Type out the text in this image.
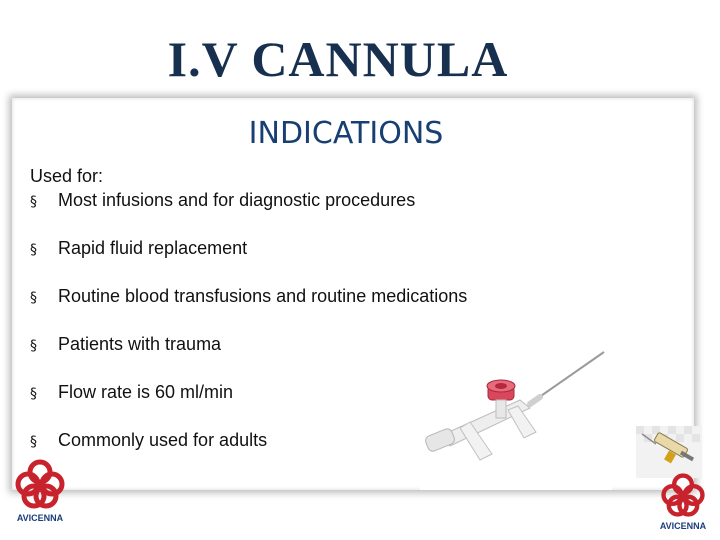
I.V CANNULA
INDICATIONS
Used for:
§ Most infusions and for diagnostic procedures
§ Rapid fluid replacement
§ Routine blood transfusions and routine medications
§ Patients with trauma
§ Flow rate is 60 ml/min
§ Commonly used for adults
AVICENNA
AVICENNA
